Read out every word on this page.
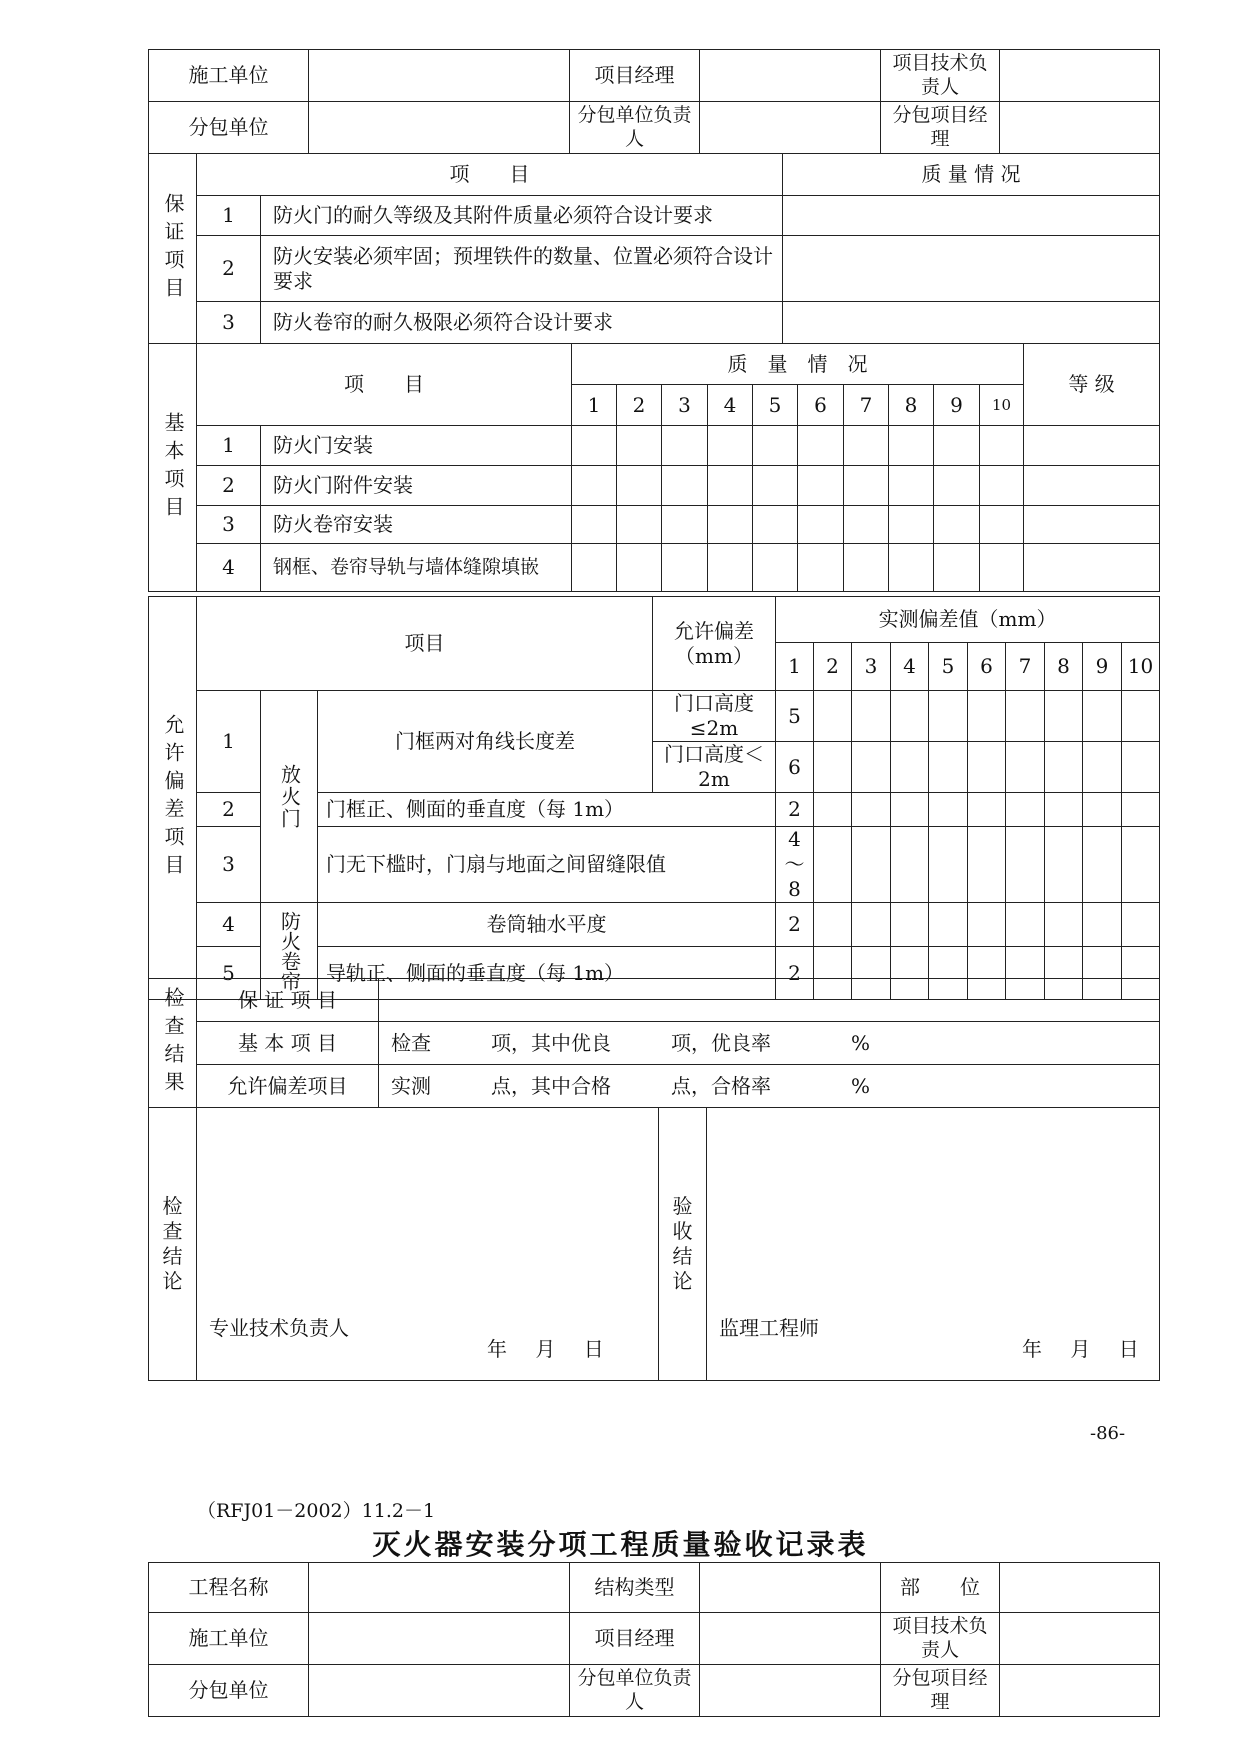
施工单位		项目经理		项目技术负责人	
分包单位		分包单位负责人		分包项目经理	
保证项目	项　　目		质 量 情 况
	1	防火门的耐久等级及其附件质量必须符合设计要求	
	2	防火安装必须牢固；预埋铁件的数量、位置必须符合设计要求	
	3	防火卷帘的耐久极限必须符合设计要求	
基本项目	项　　目		质　量　情　况										等 级
			1	2	3	4	5	6	7	8	9	10	
	1	防火门安装											
	2	防火门附件安装											
	3	防火卷帘安装											
	4	钢框、卷帘导轨与墙体缝隙填嵌											
允许偏差项目	项目			允许偏差（mm）	实测偏差值（mm）										
					1	2	3	4	5	6	7	8	9	10	
	1	放火门	门框两对角线长度差	门口高度≤2m	5										
				门口高度＜2m	6										
	2		门框正、侧面的垂直度（每 1m）		2										
	3		门无下槛时，门扇与地面之间留缝限值		4～8										
	4	防火卷帘	卷筒轴水平度		2										
	5		导轨正、侧面的垂直度（每 1m）		2										
检查结果	保 证 项 目	
	基 本 项 目	检查　　　项，其中优良　　　项，优良率　　　　%
	允许偏差项目	实测　　　点，其中合格　　　点，合格率　　　　%
检
查
结
论

专业技术负责人
年 月 日

验
收
结
论

监理工程师
年 月 日
-86-
（RFJ01－2002）11.2－1
灭火器安装分项工程质量验收记录表
工程名称		结构类型		部　　位	
施工单位		项目经理		项目技术负责人	
分包单位		分包单位负责人		分包项目经理	
